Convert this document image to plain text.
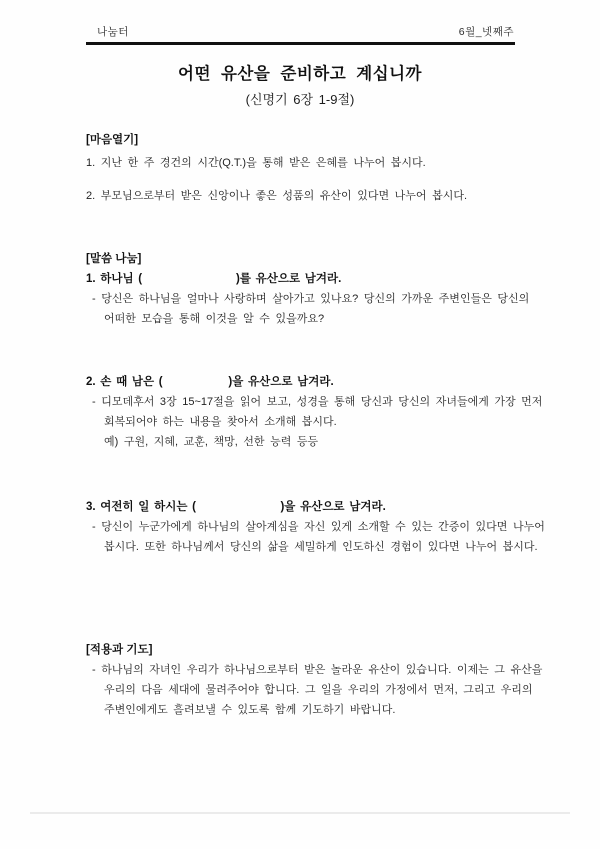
나눔터	6월_넷째주
어떤 유산을 준비하고 계십니까
(신명기 6장 1-9절)
[마음열기]
1. 지난 한 주 경건의 시간(Q.T.)을 통해 받은 은혜를 나누어 봅시다.
2. 부모님으로부터 받은 신앙이나 좋은 성품의 유산이 있다면 나누어 봅시다.
[말씀 나눔]
1. 하나님 (                    )를 유산으로 남겨라.
- 당신은 하나님을 얼마나 사랑하며 살아가고 있나요? 당신의 가까운 주변인들은 당신의
어떠한 모습을 통해 이것을 알 수 있을까요?
2. 손 때 남은 (              )을 유산으로 남겨라.
- 디모데후서 3장 15~17절을 읽어 보고, 성경을 통해 당신과 당신의 자녀들에게 가장 먼저
회복되어야 하는 내용을 찾아서 소개해 봅시다.
예) 구원, 지혜, 교훈, 책망, 선한 능력 등등
3. 여전히 일 하시는 (                  )을 유산으로 남겨라.
- 당신이 누군가에게 하나님의 살아계심을 자신 있게 소개할 수 있는 간증이 있다면 나누어
봅시다. 또한 하나님께서 당신의 삶을 세밀하게 인도하신 경험이 있다면 나누어 봅시다.
[적용과 기도]
- 하나님의 자녀인 우리가 하나님으로부터 받은 놀라운 유산이 있습니다. 이제는 그 유산을
우리의 다음 세대에 물려주어야 합니다. 그 일을 우리의 가정에서 먼저, 그리고 우리의
주변인에게도 흘려보낼 수 있도록 함께 기도하기 바랍니다.
